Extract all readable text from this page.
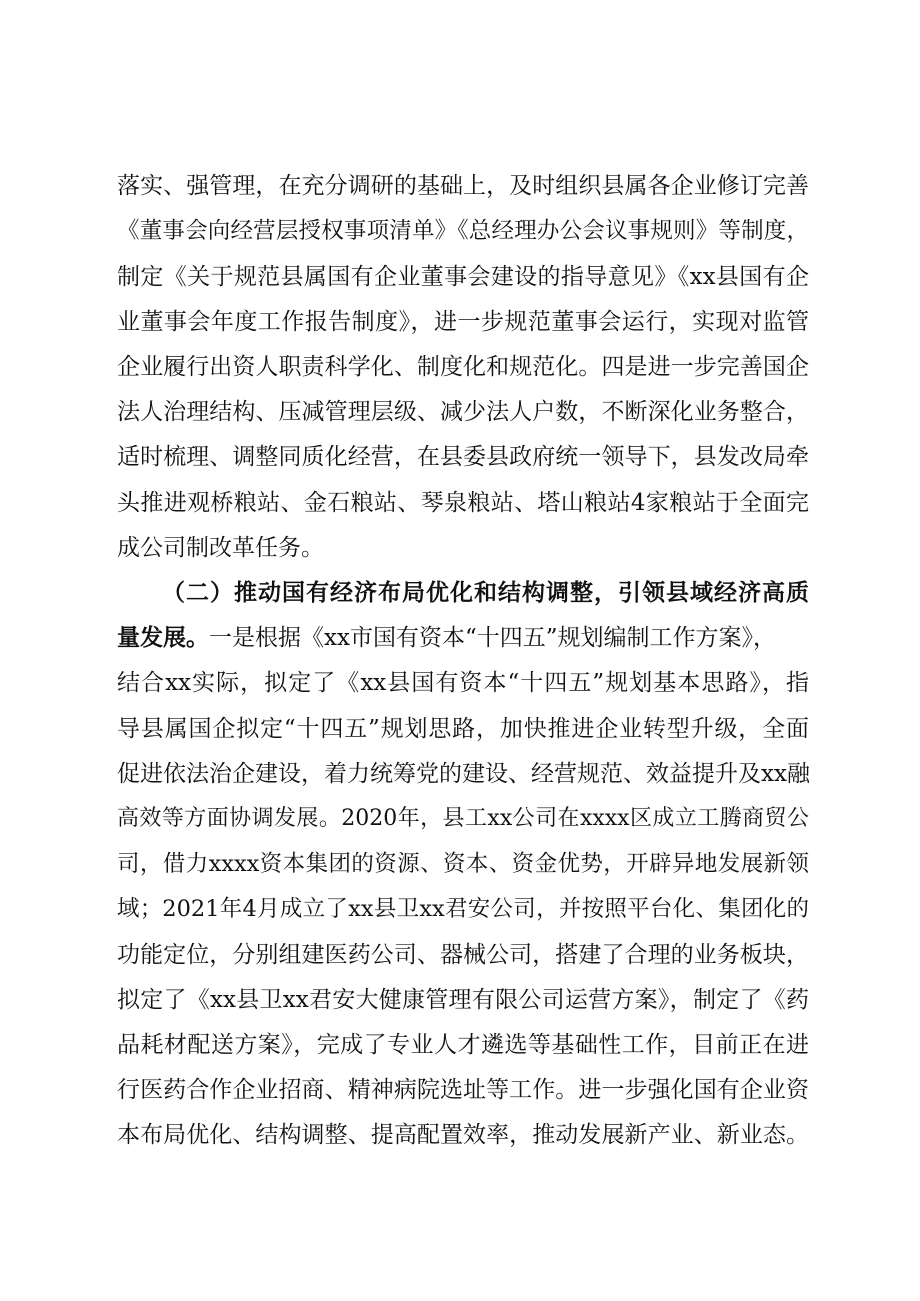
落实、强管理，在充分调研的基础上，及时组织县属各企业修订完善
《董事会向经营层授权事项清单》《总经理办公会议事规则》等制度，
制定《关于规范县属国有企业董事会建设的指导意见》《xx县国有企
业董事会年度工作报告制度》，进一步规范董事会运行，实现对监管
企业履行出资人职责科学化、制度化和规范化。四是进一步完善国企
法人治理结构、压减管理层级、减少法人户数，不断深化业务整合，
适时梳理、调整同质化经营，在县委县政府统一领导下，县发改局牵
头推进观桥粮站、金石粮站、琴泉粮站、塔山粮站4家粮站于全面完
成公司制改革任务。
（二）推动国有经济布局优化和结构调整，引领县域经济高质
量发展。一是根据《xx市国有资本“十四五”规划编制工作方案》，
结合xx实际，拟定了《xx县国有资本“十四五”规划基本思路》，指
导县属国企拟定“十四五”规划思路，加快推进企业转型升级，全面
促进依法治企建设，着力统筹党的建设、经营规范、效益提升及xx融
高效等方面协调发展。2020年，县工xx公司在xxxx区成立工腾商贸公
司，借力xxxx资本集团的资源、资本、资金优势，开辟异地发展新领
域；2021年4月成立了xx县卫xx君安公司，并按照平台化、集团化的
功能定位，分别组建医药公司、器械公司，搭建了合理的业务板块，
拟定了《xx县卫xx君安大健康管理有限公司运营方案》，制定了《药
品耗材配送方案》，完成了专业人才遴选等基础性工作，目前正在进
行医药合作企业招商、精神病院选址等工作。进一步强化国有企业资
本布局优化、结构调整、提高配置效率，推动发展新产业、新业态。
